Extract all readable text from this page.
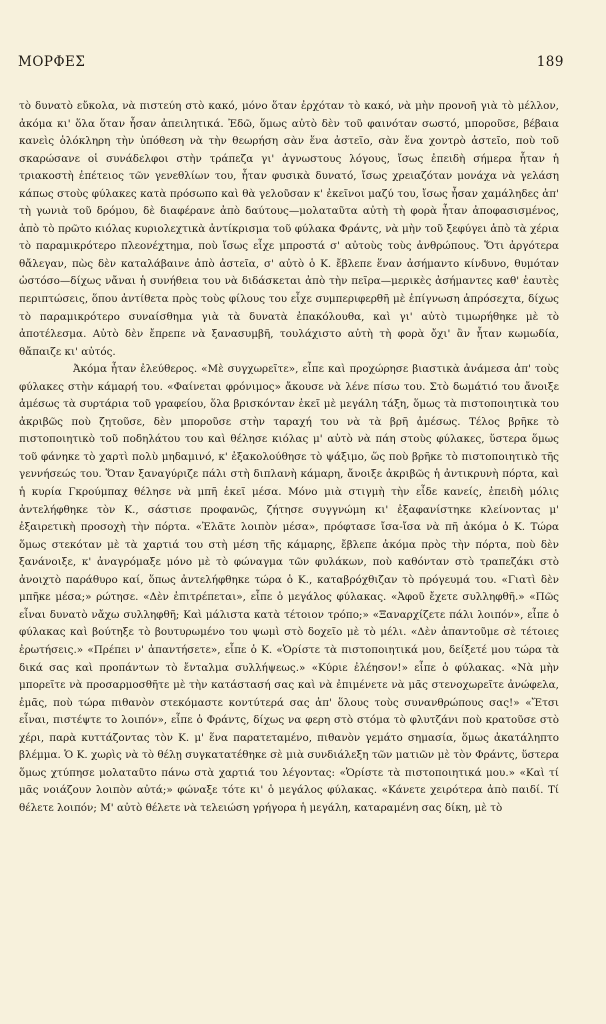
ΜΟΡΦΕΣ	189

τὸ δυνατὸ εὔκολα, νὰ πιστεύη στὸ κακό, μόνο ὅταν ἐρχόταν τὸ κακό, νὰ μὴν προνοῆ γιὰ τὸ μέλλον, ἀκόμα κι' ὅλα ὅταν ἦσαν ἀπειλητικά. Ἐδῶ, ὅμως αὐτὸ δὲν τοῦ φαινόταν σωστό, μποροῦσε, βέβαια κανεὶς ὁλόκληρη τὴν ὑπόθεση νὰ τὴν θεωρήση σὰν ἕνα ἀστεῖο, σὰν ἕνα χοντρὸ ἀστεῖο, ποὺ τοῦ σκαρώσανε οἱ συνάδελφοι στὴν τράπεζα γι' ἀγνωστους λόγους, ἴσως ἐπειδὴ σήμερα ἦταν ἡ τριακοστὴ ἐπέτειος τῶν γενεθλίων του, ἦταν φυσικὰ δυνατό, ἴσως χρειαζόταν μονάχα νὰ γελάση κάπως στοὺς φύλακες κατὰ πρόσωπο καὶ θὰ γελοῦσαν κ' ἐκεῖνοι μαζύ του, ἴσως ἦσαν χαμάληδες ἀπ' τὴ γωνιὰ τοῦ δρόμου, δὲ διαφέρανε ἀπὸ δαύτους—μολαταῦτα αὐτὴ τὴ φορὰ ἦταν ἀποφασισμένος, ἀπὸ τὸ πρῶτο κιόλας κυριολεχτικὰ ἀντίκρισμα τοῦ φύλακα Φράντς, νὰ μὴν τοῦ ξεφύγει ἀπὸ τὰ χέρια τὸ παραμικρότερο πλεονέχτημα, ποὺ ἴσως εἶχε μπροστά σ' αὐτοὺς τοὺς ἀνθρώπους. Ὅτι ἀργότερα θἄλεγαν, πὼς δὲν καταλάβαινε ἀπὸ ἀστεῖα, σ' αὐτὸ ὁ Κ. ἔβλεπε ἕναν ἀσήμαντο κίνδυνο, θυμόταν ὡστόσο—δίχως νἄναι ἡ συνήθεια του νὰ διδάσκεται ἀπὸ τὴν πεῖρα—μερικὲς ἀσήμαντες καθ' ἑαυτὲς περιπτώσεις, ὅπου ἀντίθετα πρὸς τοὺς φίλους του εἶχε συμπεριφερθῆ μὲ ἐπίγνωση ἀπρόσεχτα, δίχως τὸ παραμικρότερο συναίσθημα γιὰ τὰ δυνατὰ ἐπακόλουθα, καὶ γι' αὐτὸ τιμωρήθηκε μὲ τὸ ἀποτέλεσμα. Αὐτὸ δὲν ἔπρεπε νὰ ξανασυμβῆ, τουλάχιστο αὐτὴ τὴ φορὰ ὄχι' ἂν ἦταν κωμωδία, θἄπαιζε κι' αὐτός.

Ἀκόμα ἦταν ἐλεύθερος. «Μὲ συγχωρεῖτε», εἶπε καὶ προχώρησε βιαστικὰ ἀνάμεσα ἀπ' τοὺς φύλακες στὴν κάμαρή του. «Φαίνεται φρόνιμος» ἄκουσε νὰ λένε πίσω του. Στὸ δωμάτιό του ἄνοιξε ἀμέσως τὰ συρτάρια τοῦ γραφείου, ὅλα βρισκόνταν ἐκεῖ μὲ μεγάλη τάξη, ὅμως τὰ πιστοποιητικὰ του ἀκριβῶς ποὺ ζητοῦσε, δὲν μποροῦσε στὴν ταραχή του νὰ τὰ βρῆ ἀμέσως. Τέλος βρῆκε τὸ πιστοποιητικὸ τοῦ ποδηλάτου του καὶ θέλησε κιόλας μ' αὐτὸ νὰ πάη στοὺς φύλακες, ὕστερα ὅμως τοῦ φάνηκε τὸ χαρτὶ πολὺ μηδαμινό, κ' ἐξακολούθησε τὸ ψάξιμο, ὥς ποὺ βρῆκε τὸ πιστοποιητικὸ τῆς γεννήσεώς του. Ὅταν ξαναγύριζε πάλι στὴ διπλανὴ κάμαρη, ἄνοιξε ἀκριβῶς ἡ ἀντικρυνὴ πόρτα, καὶ ἡ κυρία Γκρούμπαχ θέλησε νὰ μπῆ ἐκεῖ μέσα. Μόνο μιὰ στιγμὴ τὴν εἶδε κανείς, ἐπειδὴ μόλις ἀντελήφθηκε τὸν Κ., σάστισε προφανῶς, ζήτησε συγγνώμη κι' ἐξαφανίστηκε κλείνοντας μ' ἐξαιρετικὴ προσοχὴ τὴν πόρτα. «Ἐλᾶτε λοιπὸν μέσα», πρόφτασε ἴσα-ἴσα νὰ πῆ ἀκόμα ὁ Κ. Τώρα ὅμως στεκόταν μὲ τὰ χαρτιά του στὴ μέση τῆς κάμαρης, ἔβλεπε ἀκόμα πρὸς τὴν πόρτα, ποὺ δὲν ξανάνοιξε, κ' ἀναγρόμαξε μόνο μὲ τὸ φώναγμα τῶν φυλάκων, ποὺ καθόνταν στὸ τραπεζάκι στὸ ἀνοιχτὸ παράθυρο καί, ὅπως ἀντελήφθηκε τώρα ὁ Κ., καταβρόχθιζαν τὸ πρόγευμά του. «Γιατὶ δὲν μπῆκε μέσα;» ρώτησε. «Δὲν ἐπιτρέπεται», εἶπε ὁ μεγάλος φύλακας. «Ἀφοῦ ἔχετε συλληφθῆ.» «Πῶς εἶναι δυνατὸ νἄχω συλληφθῆ; Καὶ μάλιστα κατὰ τέτοιον τρόπο;» «Ξαναρχίζετε πάλι λοιπόν», εἶπε ὁ φύλακας καὶ βούτηξε τὸ βουτυρωμένο του ψωμὶ στὸ δοχεῖο μὲ τὸ μέλι. «Δὲν ἀπαντοῦμε σὲ τέτοιες ἐρωτήσεις.» «Πρέπει ν' ἀπαντήσετε», εἶπε ὁ Κ. «Ὁρίστε τὰ πιστοποιητικά μου, δείξετέ μου τώρα τὰ δικά σας καὶ προπάντων τὸ ἔνταλμα συλλήψεως.» «Κύριε ἐλέησον!» εἶπε ὁ φύλακας. «Νὰ μὴν μπορεῖτε νὰ προσαρμοσθῆτε μὲ τὴν κατάστασή σας καὶ νὰ ἐπιμένετε νὰ μᾶς στενοχωρεῖτε ἀνώφελα, ἐμᾶς, ποὺ τώρα πιθανὸν στεκόμαστε κοντύτερά σας ἀπ' ὅλους τοὺς συνανθρώπους σας!» «Ἔτσι εἶναι, πιστέψτε το λοιπόν», εἶπε ὁ Φράντς, δίχως να φερη στὸ στόμα τὸ φλυτζάνι ποὺ κρατοῦσε στὸ χέρι, παρὰ κυττάζοντας τὸν Κ. μ' ἕνα παρατεταμένο, πιθανὸν γεμάτο σημασία, ὅμως ἀκατάληπτο βλέμμα. Ὁ Κ. χωρὶς νὰ τὸ θέλῃ συγκατατέθηκε σὲ μιὰ συνδιάλεξη τῶν ματιῶν μὲ τὸν Φράντς, ὕστερα ὅμως χτύπησε μολαταῦτο πάνω στὰ χαρτιά του λέγοντας: «Ὁρίστε τὰ πιστοποιητικά μου.» «Καὶ τί μᾶς νοιάζουν λοιπὸν αὐτά;» φώναξε τότε κι' ὁ μεγάλος φύλακας. «Κάνετε χειρότερα ἀπὸ παιδί. Τί θέλετε λοιπόν; Μ' αὐτὸ θέλετε νὰ τελειώση γρήγορα ἡ μεγάλη, καταραμένη σας δίκη, μὲ τὸ
